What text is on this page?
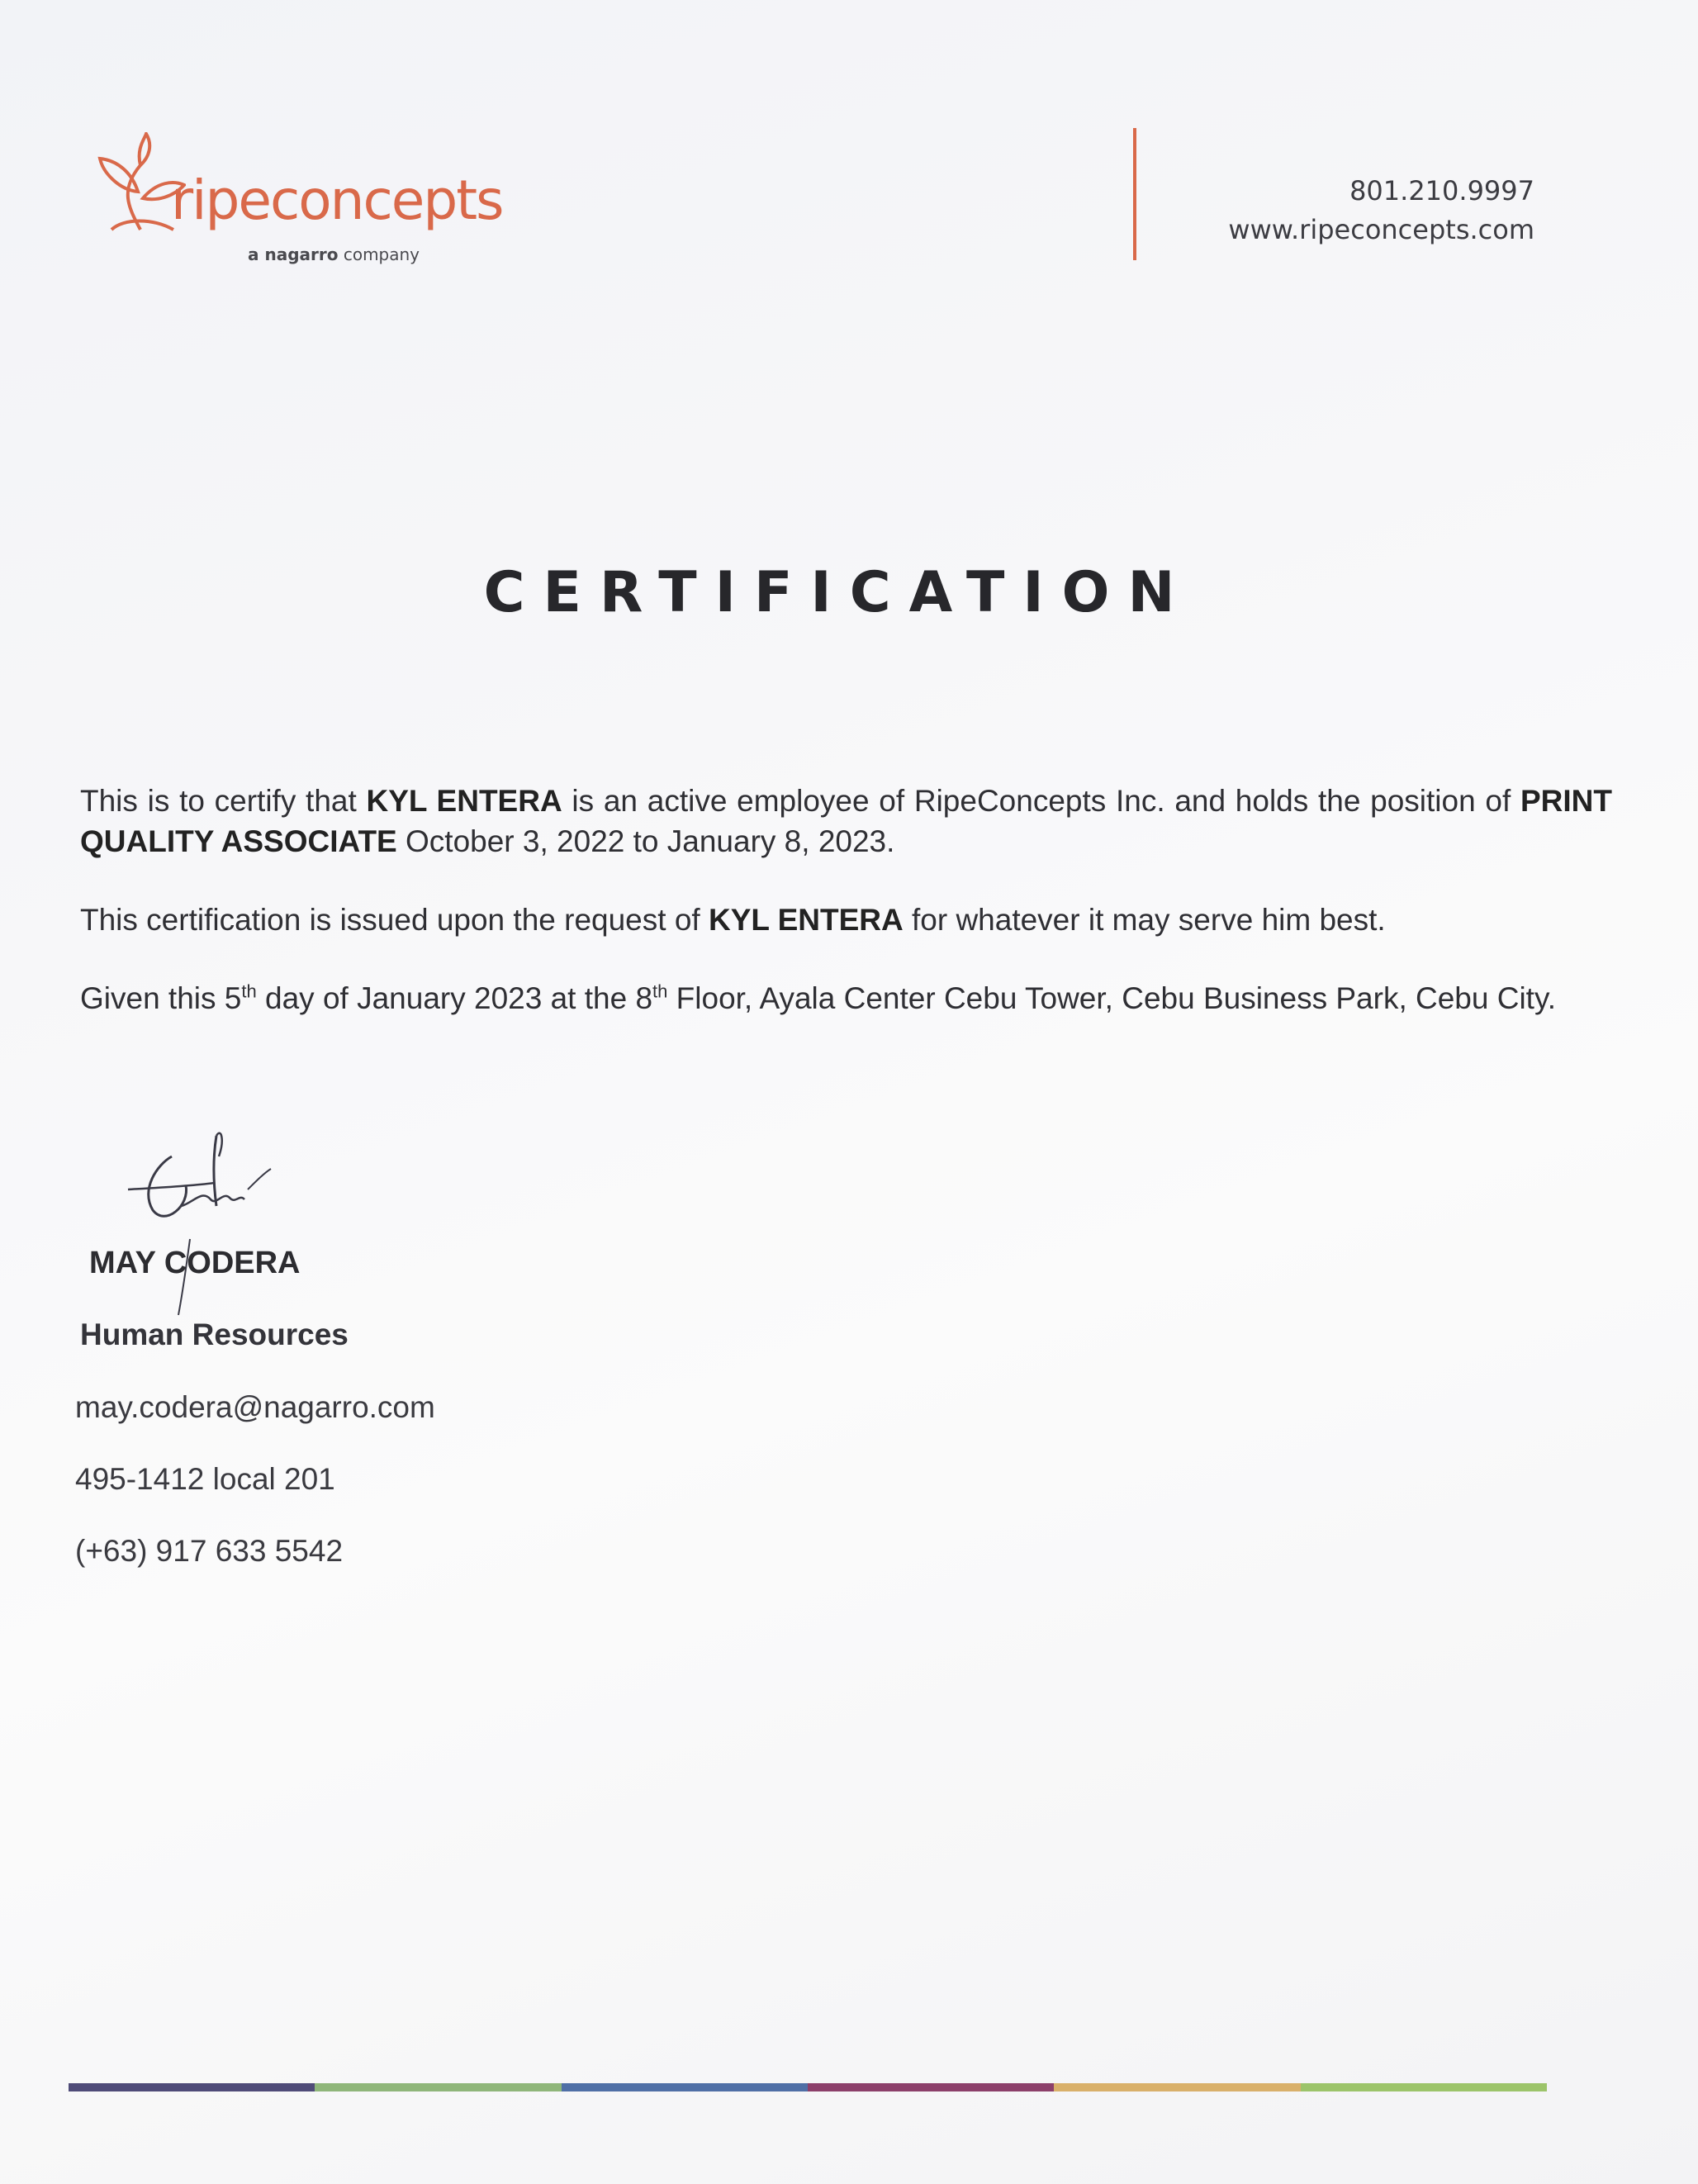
ripeconcepts
a nagarro company
801.210.9997
www.ripeconcepts.com
CERTIFICATION

This is to certify that KYL ENTERA is an active employee of RipeConcepts Inc. and holds the position of PRINT QUALITY ASSOCIATE October 3, 2022 to January 8, 2023.

This certification is issued upon the request of KYL ENTERA for whatever it may serve him best.

Given this 5th day of January 2023 at the 8th Floor, Ayala Center Cebu Tower, Cebu Business Park, Cebu City.

MAY CODERA
Human Resources
may.codera@nagarro.com
495-1412 local 201
(+63) 917 633 5542
